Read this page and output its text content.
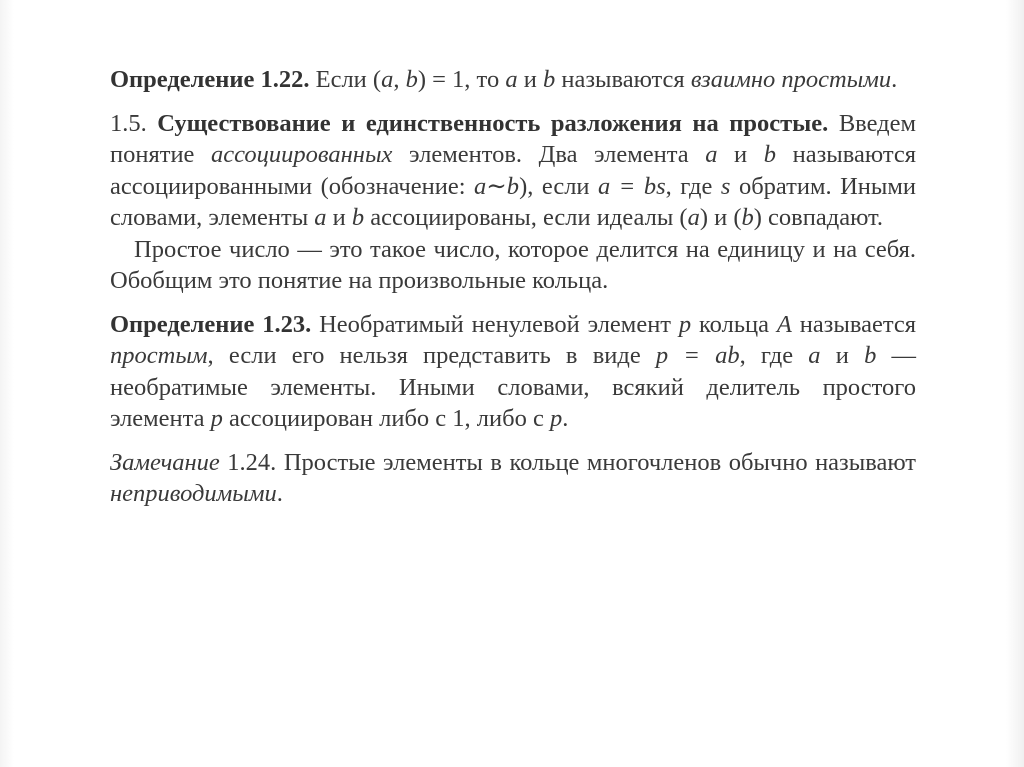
Определение 1.22. Если (a, b) = 1, то a и b называются взаимно простыми.

1.5. Существование и единственность разложения на простые. Введем понятие ассоциированных элементов. Два элемента a и b называются ассоциированными (обозначение: a∼b), если a = bs, где s обратим. Иными словами, элементы a и b ассоциированы, если идеалы (a) и (b) совпадают.

Простое число — это такое число, которое делится на единицу и на себя. Обобщим это понятие на произвольные кольца.

Определение 1.23. Необратимый ненулевой элемент p кольца A называется простым, если его нельзя представить в виде p = ab, где a и b — необратимые элементы. Иными словами, всякий делитель простого элемента p ассоциирован либо с 1, либо с p.

Замечание 1.24. Простые элементы в кольце многочленов обычно называют неприводимыми.
